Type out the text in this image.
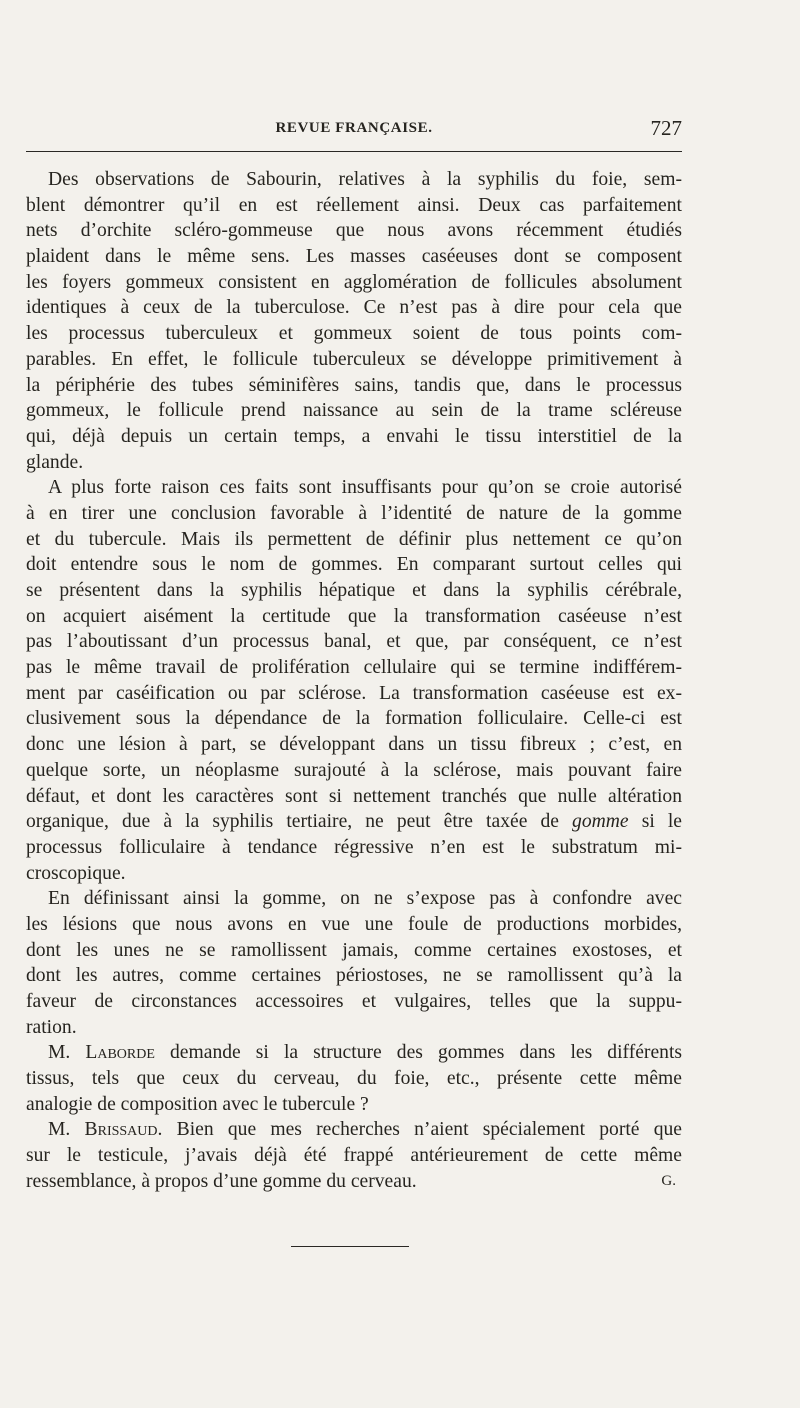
REVUE FRANÇAISE.	727
Des observations de Sabourin, relatives à la syphilis du foie, sem-
blent démontrer qu’il en est réellement ainsi. Deux cas parfaitement
nets d’orchite scléro-gommeuse que nous avons récemment étudiés
plaident dans le même sens. Les masses caséeuses dont se composent
les foyers gommeux consistent en agglomération de follicules absolument
identiques à ceux de la tuberculose. Ce n’est pas à dire pour cela que
les processus tuberculeux et gommeux soient de tous points com-
parables. En effet, le follicule tuberculeux se développe primitivement à
la périphérie des tubes séminifères sains, tandis que, dans le processus
gommeux, le follicule prend naissance au sein de la trame scléreuse
qui, déjà depuis un certain temps, a envahi le tissu interstitiel de la
glande.
A plus forte raison ces faits sont insuffisants pour qu’on se croie autorisé
à en tirer une conclusion favorable à l’identité de nature de la gomme
et du tubercule. Mais ils permettent de définir plus nettement ce qu’on
doit entendre sous le nom de gommes. En comparant surtout celles qui
se présentent dans la syphilis hépatique et dans la syphilis cérébrale,
on acquiert aisément la certitude que la transformation caséeuse n’est
pas l’aboutissant d’un processus banal, et que, par conséquent, ce n’est
pas le même travail de prolifération cellulaire qui se termine indifférem-
ment par caséification ou par sclérose. La transformation caséeuse est ex-
clusivement sous la dépendance de la formation folliculaire. Celle-ci est
donc une lésion à part, se développant dans un tissu fibreux ; c’est, en
quelque sorte, un néoplasme surajouté à la sclérose, mais pouvant faire
défaut, et dont les caractères sont si nettement tranchés que nulle altération
organique, due à la syphilis tertiaire, ne peut être taxée de gomme si le
processus folliculaire à tendance régressive n’en est le substratum mi-
croscopique.
En définissant ainsi la gomme, on ne s’expose pas à confondre avec
les lésions que nous avons en vue une foule de productions morbides,
dont les unes ne se ramollissent jamais, comme certaines exostoses, et
dont les autres, comme certaines périostoses, ne se ramollissent qu’à la
faveur de circonstances accessoires et vulgaires, telles que la suppu-
ration.
M. Laborde demande si la structure des gommes dans les différents
tissus, tels que ceux du cerveau, du foie, etc., présente cette même
analogie de composition avec le tubercule ?
M. Brissaud. Bien que mes recherches n’aient spécialement porté que
sur le testicule, j’avais déjà été frappé antérieurement de cette même
ressemblance, à propos d’une gomme du cerveau.	G.
